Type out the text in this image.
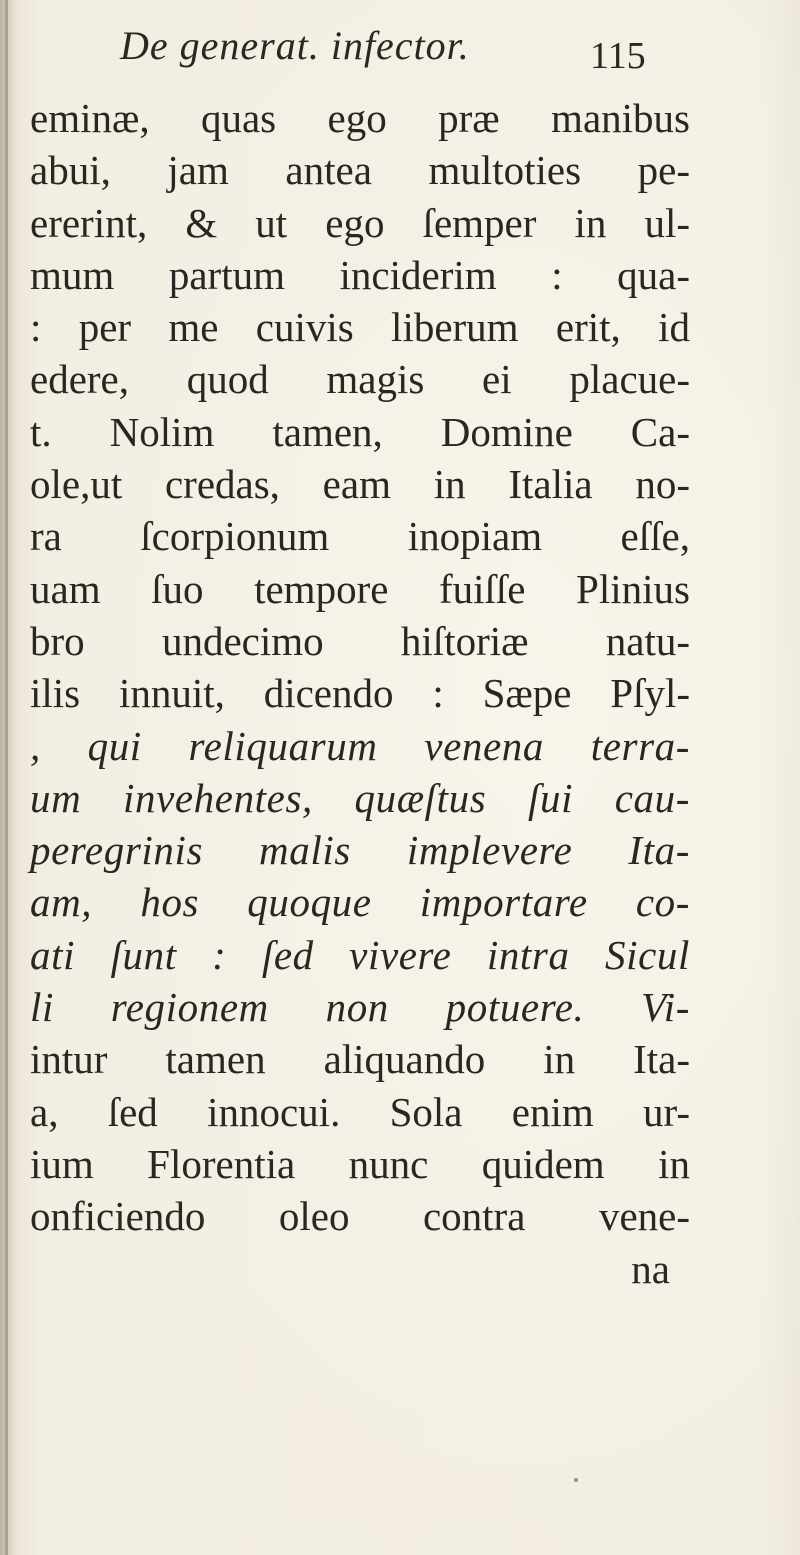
De generat. infector.	115
eminæ, quas ego præ manibus
abui, jam antea multoties pe-
ererint, & ut ego ſemper in ul-
mum partum inciderim : qua-
: per me cuivis liberum erit, id
edere, quod magis ei placue-
t. Nolim tamen, Domine Ca-
ole,ut credas, eam in Italia no-
ra ſcorpionum inopiam eſſe,
uam ſuo tempore fuiſſe Plinius
bro undecimo hiſtoriæ natu-
ilis innuit, dicendo : Sæpe Pſyl-
, qui reliquarum venena terra-
um invehentes, quæſtus ſui cau-
peregrinis malis implevere Ita-
am, hos quoque importare co-
ati ſunt : ſed vivere intra Sicul
li regionem non potuere. Vi-
intur tamen aliquando in Ita-
a, ſed innocui. Sola enim ur-
ium Florentia nunc quidem in
onficiendo oleo contra vene-
na
